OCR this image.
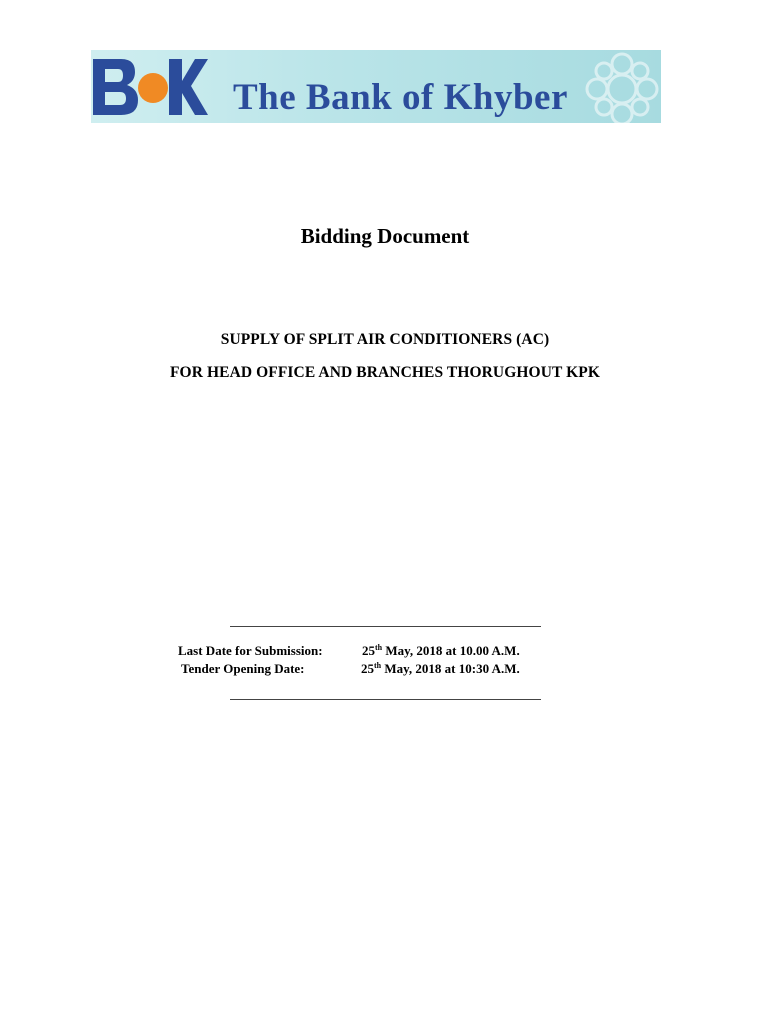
The Bank of Khyber
Bidding Document
SUPPLY OF SPLIT AIR CONDITIONERS (AC)
FOR HEAD OFFICE AND BRANCHES THORUGHOUT KPK
Last Date for Submission:	25th May, 2018 at 10.00 A.M.
Tender Opening Date:	25th May, 2018 at 10:30 A.M.
